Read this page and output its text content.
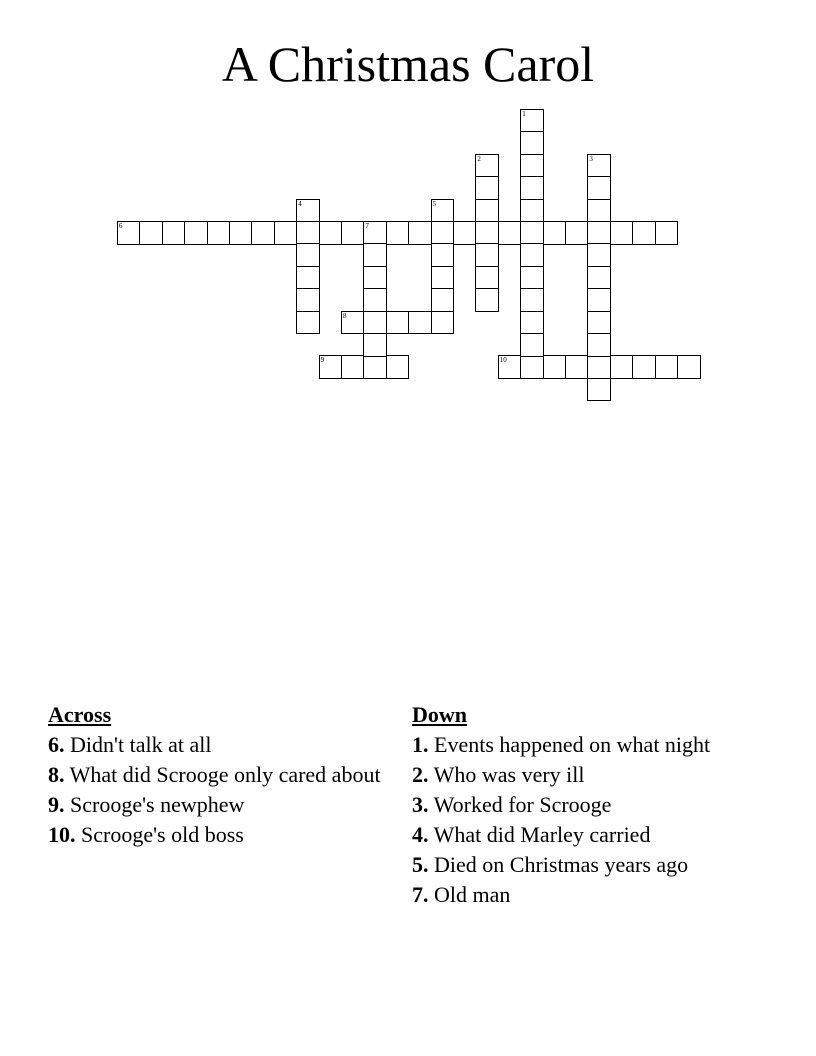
A Christmas Carol
6	7
8
9	10
1
2	3
4	5
Across
6. Didn't talk at all
8. What did Scrooge only cared about
9. Scrooge's newphew
10. Scrooge's old boss
Down
1. Events happened on what night
2. Who was very ill
3. Worked for Scrooge
4. What did Marley carried
5. Died on Christmas years ago
7. Old man
